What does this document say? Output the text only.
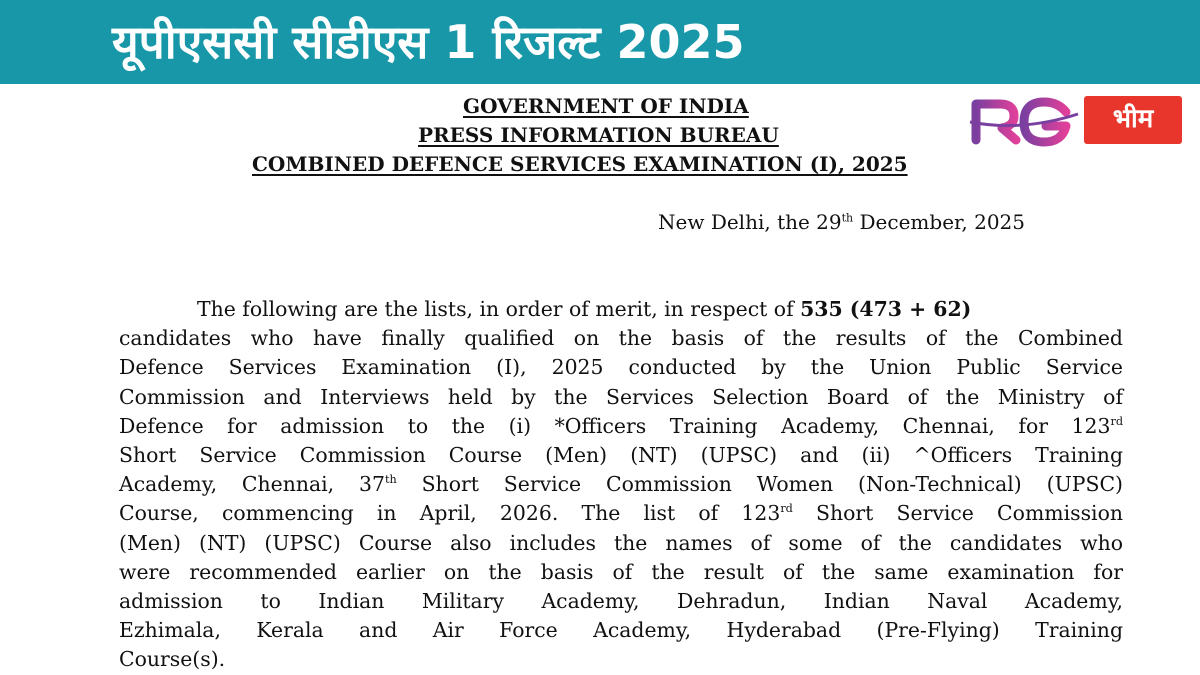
यूपीएससी सीडीएस 1 रिजल्ट 2025
भीम
GOVERNMENT OF INDIA
PRESS INFORMATION BUREAU
COMBINED DEFENCE SERVICES EXAMINATION (I), 2025
New Delhi, the 29th December, 2025
The following are the lists, in order of merit, in respect of 535 (473 + 62)
candidates who have finally qualified on the basis of the results of the Combined
Defence Services Examination (I), 2025 conducted by the Union Public Service
Commission and Interviews held by the Services Selection Board of the Ministry of
Defence for admission to the (i) *Officers Training Academy, Chennai, for 123rd
Short Service Commission Course (Men) (NT) (UPSC) and (ii) ^Officers Training
Academy, Chennai, 37th Short Service Commission Women (Non-Technical) (UPSC)
Course, commencing in April, 2026. The list of 123rd Short Service Commission
(Men) (NT) (UPSC) Course also includes the names of some of the candidates who
were recommended earlier on the basis of the result of the same examination for
admission to Indian Military Academy, Dehradun, Indian Naval Academy,
Ezhimala, Kerala and Air Force Academy, Hyderabad (Pre-Flying) Training
Course(s).
